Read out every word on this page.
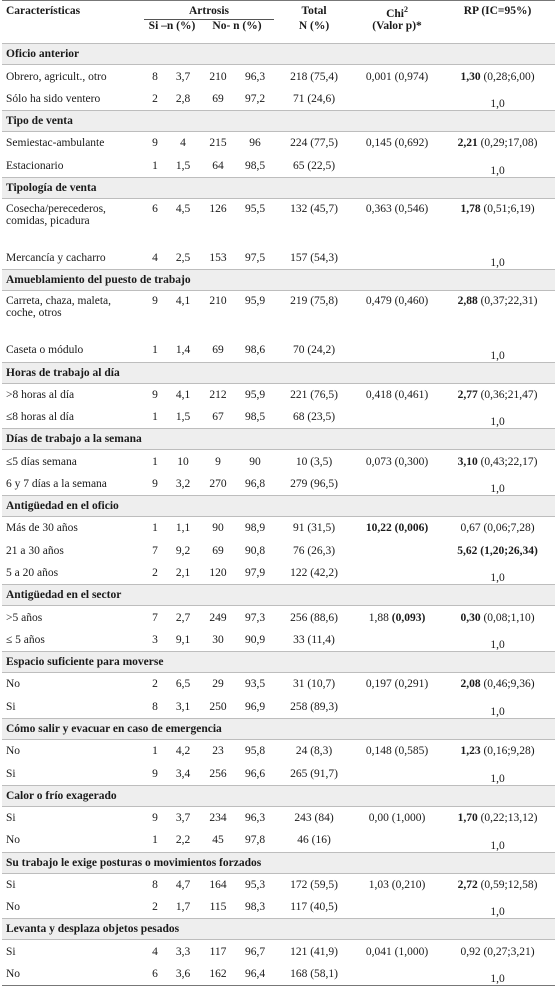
Características	Artrosis				Total	Chi$^2$	RP (IC=95%)
	Si –n (%)		No- n (%)		N (%)	(Valor p)*	
Oficio anterior							
Obrero, agricult., otro	8	3,7	210	96,3	218 (75,4)	0,001 (0,974)	1,30 (0,28;6,00)
Sólo ha sido ventero	2	2,8	69	97,2	71 (24,6)		1,0
Tipo de venta							
Semiestac-ambulante	9	4	215	96	224 (77,5)	0,145 (0,692)	2,21 (0,29;17,08)
Estacionario	1	1,5	64	98,5	65 (22,5)		1,0
Tipología de venta							
Cosecha/perecederos,
comidas, picadura	6	4,5	126	95,5	132 (45,7)	0,363 (0,546)	1,78 (0,51;6,19)
Mercancía y cacharro	4	2,5	153	97,5	157 (54,3)		1,0
Amueblamiento del puesto de trabajo							
Carreta, chaza, maleta,
coche, otros	9	4,1	210	95,9	219 (75,8)	0,479 (0,460)	2,88 (0,37;22,31)
Caseta o módulo	1	1,4	69	98,6	70 (24,2)		1,0
Horas de trabajo al día							
>8 horas al día	9	4,1	212	95,9	221 (76,5)	0,418 (0,461)	2,77 (0,36;21,47)
≤8 horas al día	1	1,5	67	98,5	68 (23,5)		1,0
Días de trabajo a la semana							
≤5 días semana	1	10	9	90	10 (3,5)	0,073 (0,300)	3,10 (0,43;22,17)
6 y 7 días a la semana	9	3,2	270	96,8	279 (96,5)		1,0
Antigüedad en el oficio							
Más de 30 años	1	1,1	90	98,9	91 (31,5)	10,22 (0,006)	0,67 (0,06;7,28)
21 a 30 años	7	9,2	69	90,8	76 (26,3)		5,62 (1,20;26,34)
5 a 20 años	2	2,1	120	97,9	122 (42,2)		1,0
Antigüedad en el sector							
>5 años	7	2,7	249	97,3	256 (88,6)	1,88 (0,093)	0,30 (0,08;1,10)
≤ 5 años	3	9,1	30	90,9	33 (11,4)		1,0
Espacio suficiente para moverse							
No	2	6,5	29	93,5	31 (10,7)	0,197 (0,291)	2,08 (0,46;9,36)
Si	8	3,1	250	96,9	258 (89,3)		1,0
Cómo salir y evacuar en caso de emergencia							
No	1	4,2	23	95,8	24 (8,3)	0,148 (0,585)	1,23 (0,16;9,28)
Si	9	3,4	256	96,6	265 (91,7)		1,0
Calor o frío exagerado							
Si	9	3,7	234	96,3	243 (84)	0,00 (1,000)	1,70 (0,22;13,12)
No	1	2,2	45	97,8	46 (16)		1,0
Su trabajo le exige posturas o movimientos forzados							
Si	8	4,7	164	95,3	172 (59,5)	1,03 (0,210)	2,72 (0,59;12,58)
No	2	1,7	115	98,3	117 (40,5)		1,0
Levanta y desplaza objetos pesados							
Si	4	3,3	117	96,7	121 (41,9)	0,041 (1,000)	0,92 (0,27;3,21)
No	6	3,6	162	96,4	168 (58,1)		1,0
